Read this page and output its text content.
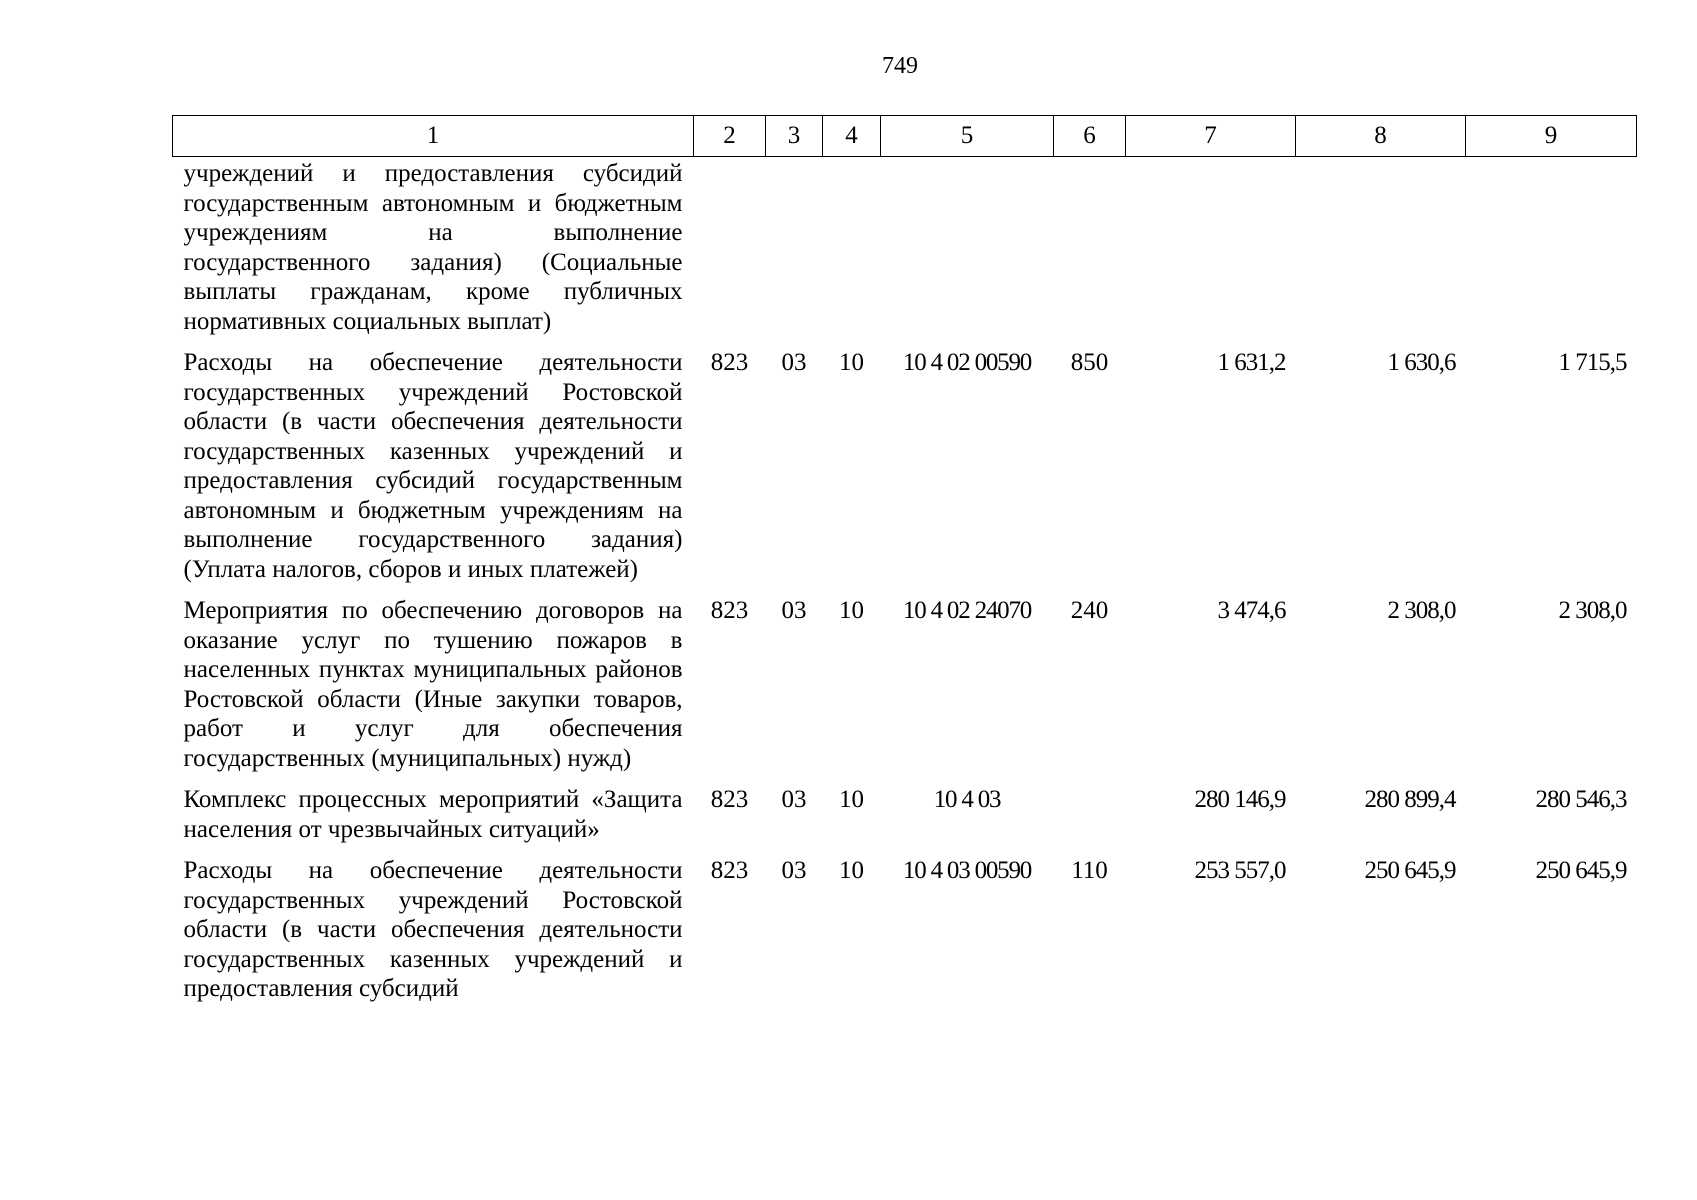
749
1	2	3	4	5	6	7	8	9
учреждений и предоставления субсидий государственным автономным и бюджетным учреждениям на выполнение государственного задания) (Социальные выплаты гражданам, кроме публичных нормативных социальных выплат)								
Расходы на обеспечение деятельности государственных учреждений Ростовской области (в части обеспечения деятельности государственных казенных учреждений и предоставления субсидий государственным автономным и бюджетным учреждениям на выполнение государственного задания) (Уплата налогов, сборов и иных платежей)	823	03	10	10 4 02 00590	850	1 631,2	1 630,6	1 715,5
Мероприятия по обеспечению договоров на оказание услуг по тушению пожаров в населенных пунктах муниципальных районов Ростовской области (Иные закупки товаров, работ и услуг для обеспечения государственных (муниципальных) нужд)	823	03	10	10 4 02 24070	240	3 474,6	2 308,0	2 308,0
Комплекс процессных мероприятий «Защита населения от чрезвычайных ситуаций»	823	03	10	10 4 03		280 146,9	280 899,4	280 546,3
Расходы на обеспечение деятельности государственных учреждений Ростовской области (в части обеспечения деятельности государственных казенных учреждений и предоставления субсидий	823	03	10	10 4 03 00590	110	253 557,0	250 645,9	250 645,9
